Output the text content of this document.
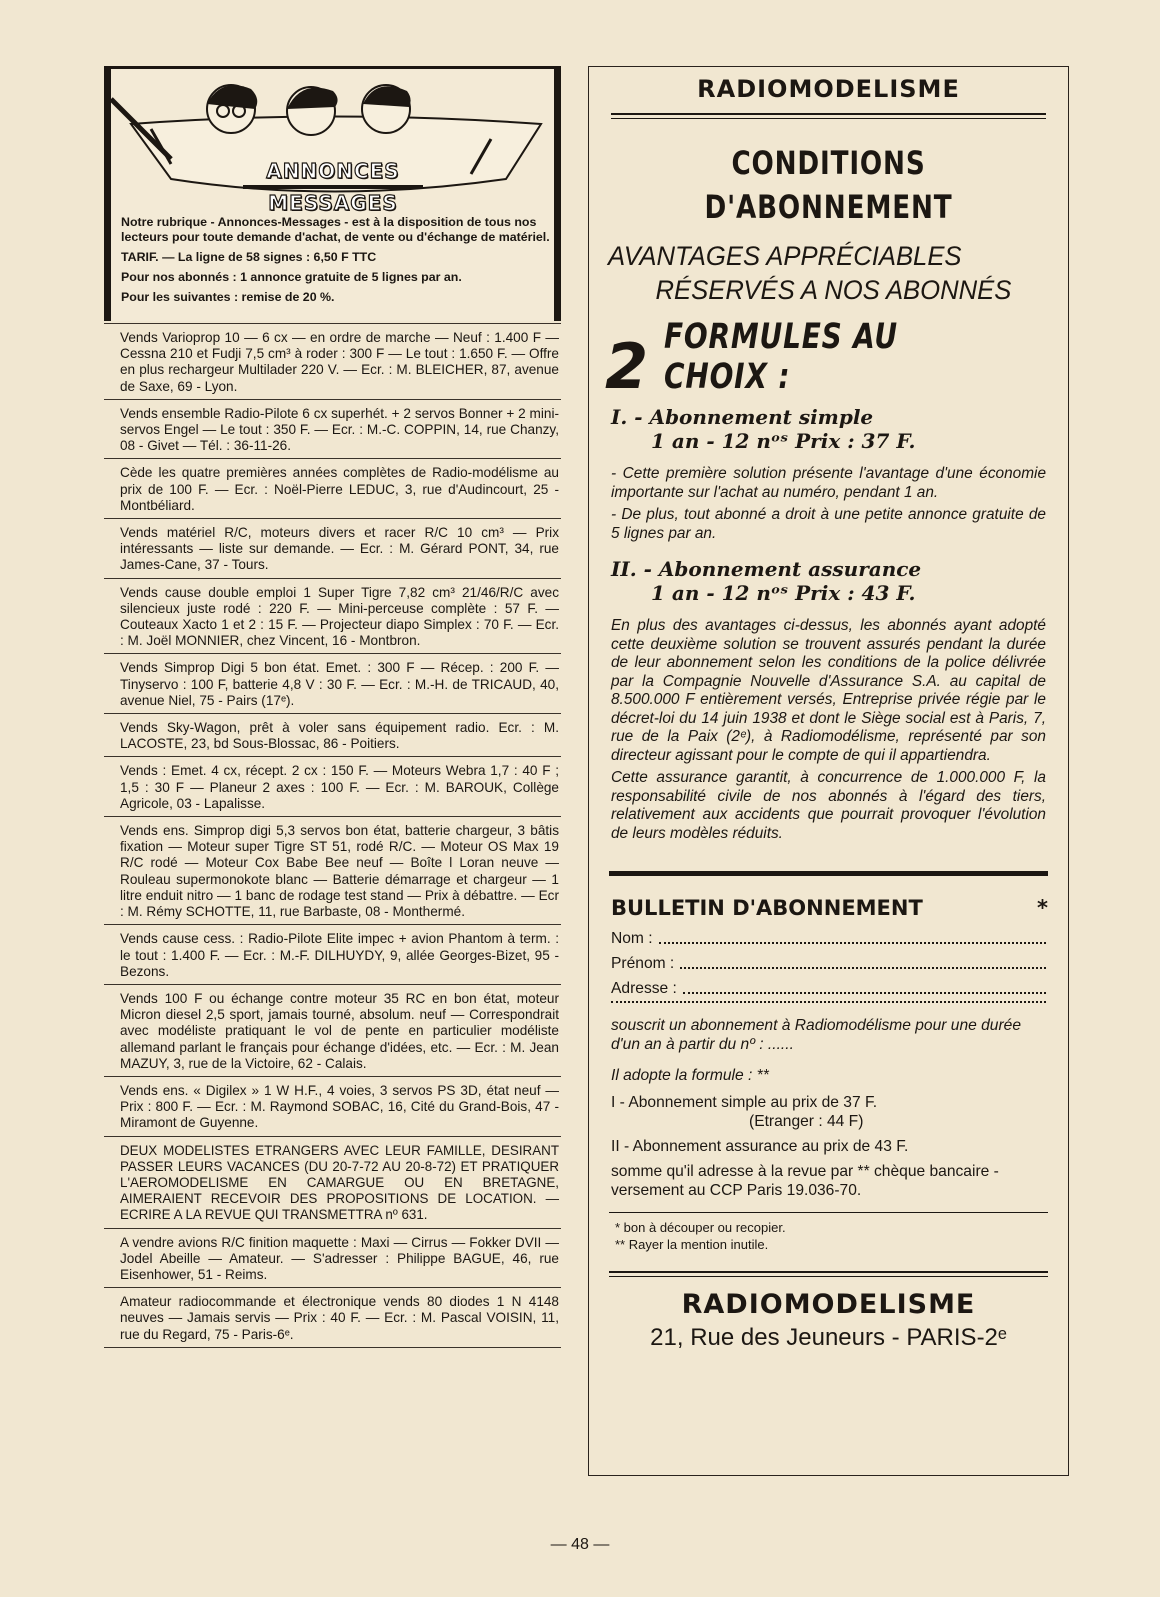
ANNONCES
MESSAGES

Notre rubrique - Annonces-Messages - est à la disposition de tous nos lecteurs pour toute demande d'achat, de vente ou d'échange de matériel.

TARIF. — La ligne de 58 signes : 6,50 F TTC

Pour nos abonnés : 1 annonce gratuite de 5 lignes par an.

Pour les suivantes : remise de 20 %.

Vends Varioprop 10 — 6 cx — en ordre de marche — Neuf : 1.400 F — Cessna 210 et Fudji 7,5 cm³ à roder : 300 F — Le tout : 1.650 F. — Offre en plus rechargeur Multilader 220 V. — Ecr. : M. BLEICHER, 87, avenue de Saxe, 69 - Lyon.
Vends ensemble Radio-Pilote 6 cx superhét. + 2 servos Bonner + 2 mini-servos Engel — Le tout : 350 F. — Ecr. : M.-C. COPPIN, 14, rue Chanzy, 08 - Givet — Tél. : 36-11-26.
Cède les quatre premières années complètes de Radio-modélisme au prix de 100 F. — Ecr. : Noël-Pierre LEDUC, 3, rue d'Audincourt, 25 - Montbéliard.
Vends matériel R/C, moteurs divers et racer R/C 10 cm³ — Prix intéressants — liste sur demande. — Ecr. : M. Gérard PONT, 34, rue James-Cane, 37 - Tours.
Vends cause double emploi 1 Super Tigre 7,82 cm³ 21/46/R/C avec silencieux juste rodé : 220 F. — Mini-perceuse complète : 57 F. — Couteaux Xacto 1 et 2 : 15 F. — Projecteur diapo Simplex : 70 F. — Ecr. : M. Joël MONNIER, chez Vincent, 16 - Montbron.
Vends Simprop Digi 5 bon état. Emet. : 300 F — Récep. : 200 F. — Tinyservo : 100 F, batterie 4,8 V : 30 F. — Ecr. : M.-H. de TRICAUD, 40, avenue Niel, 75 - Pairs (17ᵉ).
Vends Sky-Wagon, prêt à voler sans équipement radio. Ecr. : M. LACOSTE, 23, bd Sous-Blossac, 86 - Poitiers.
Vends : Emet. 4 cx, récept. 2 cx : 150 F. — Moteurs Webra 1,7 : 40 F ; 1,5 : 30 F — Planeur 2 axes : 100 F. — Ecr. : M. BAROUK, Collège Agricole, 03 - Lapalisse.
Vends ens. Simprop digi 5,3 servos bon état, batterie chargeur, 3 bâtis fixation — Moteur super Tigre ST 51, rodé R/C. — Moteur OS Max 19 R/C rodé — Moteur Cox Babe Bee neuf — Boîte l Loran neuve — Rouleau supermonokote blanc — Batterie démarrage et chargeur — 1 litre enduit nitro — 1 banc de rodage test stand — Prix à débattre. — Ecr : M. Rémy SCHOTTE, 11, rue Barbaste, 08 - Monthermé.
Vends cause cess. : Radio-Pilote Elite impec + avion Phantom à term. : le tout : 1.400 F. — Ecr. : M.-F. DILHUYDY, 9, allée Georges-Bizet, 95 - Bezons.
Vends 100 F ou échange contre moteur 35 RC en bon état, moteur Micron diesel 2,5 sport, jamais tourné, absolum. neuf — Correspondrait avec modéliste pratiquant le vol de pente en particulier modéliste allemand parlant le français pour échange d'idées, etc. — Ecr. : M. Jean MAZUY, 3, rue de la Victoire, 62 - Calais.
Vends ens. « Digilex » 1 W H.F., 4 voies, 3 servos PS 3D, état neuf — Prix : 800 F. — Ecr. : M. Raymond SOBAC, 16, Cité du Grand-Bois, 47 - Miramont de Guyenne.
DEUX MODELISTES ETRANGERS AVEC LEUR FAMILLE, DESIRANT PASSER LEURS VACANCES (DU 20-7-72 AU 20-8-72) ET PRATIQUER L'AEROMODELISME EN CAMARGUE OU EN BRETAGNE, AIMERAIENT RECEVOIR DES PROPOSITIONS DE LOCATION. — ECRIRE A LA REVUE QUI TRANSMETTRA nº 631.
A vendre avions R/C finition maquette : Maxi — Cirrus — Fokker DVII — Jodel Abeille — Amateur. — S'adresser : Philippe BAGUE, 46, rue Eisenhower, 51 - Reims.
Amateur radiocommande et électronique vends 80 diodes 1 N 4148 neuves — Jamais servis — Prix : 40 F. — Ecr. : M. Pascal VOISIN, 11, rue du Regard, 75 - Paris-6ᵉ.
RADIOMODELISME
CONDITIONS
D'ABONNEMENT
AVANTAGES APPRÉCIABLES
RÉSERVÉS A NOS ABONNÉS
2 FORMULES AU CHOIX :
I. - Abonnement simple
1 an - 12 nᵒˢ Prix : 37 F.
- Cette première solution présente l'avantage d'une économie importante sur l'achat au numéro, pendant 1 an.
- De plus, tout abonné a droit à une petite annonce gratuite de 5 lignes par an.
II. - Abonnement assurance
1 an - 12 nᵒˢ Prix : 43 F.
En plus des avantages ci-dessus, les abonnés ayant adopté cette deuxième solution se trouvent assurés pendant la durée de leur abonnement selon les conditions de la police délivrée par la Compagnie Nouvelle d'Assurance S.A. au capital de 8.500.000 F entièrement versés, Entreprise privée régie par le décret-loi du 14 juin 1938 et dont le Siège social est à Paris, 7, rue de la Paix (2ᵉ), à Radiomodélisme, représenté par son directeur agissant pour le compte de qui il appartiendra.
Cette assurance garantit, à concurrence de 1.000.000 F, la responsabilité civile de nos abonnés à l'égard des tiers, relativement aux accidents que pourrait provoquer l'évolution de leurs modèles réduits.
BULLETIN D'ABONNEMENT	*
Nom :
Prénom :
Adresse :
souscrit un abonnement à Radiomodélisme pour une durée d'un an à partir du nº : ......
Il adopte la formule : **
I - Abonnement simple au prix de 37 F.
(Etranger : 44 F)
II - Abonnement assurance au prix de 43 F.
somme qu'il adresse à la revue par ** chèque bancaire - versement au CCP Paris 19.036-70.
* bon à découper ou recopier.
** Rayer la mention inutile.
RADIOMODELISME
21, Rue des Jeuneurs - PARIS-2ᵉ
— 48 —
